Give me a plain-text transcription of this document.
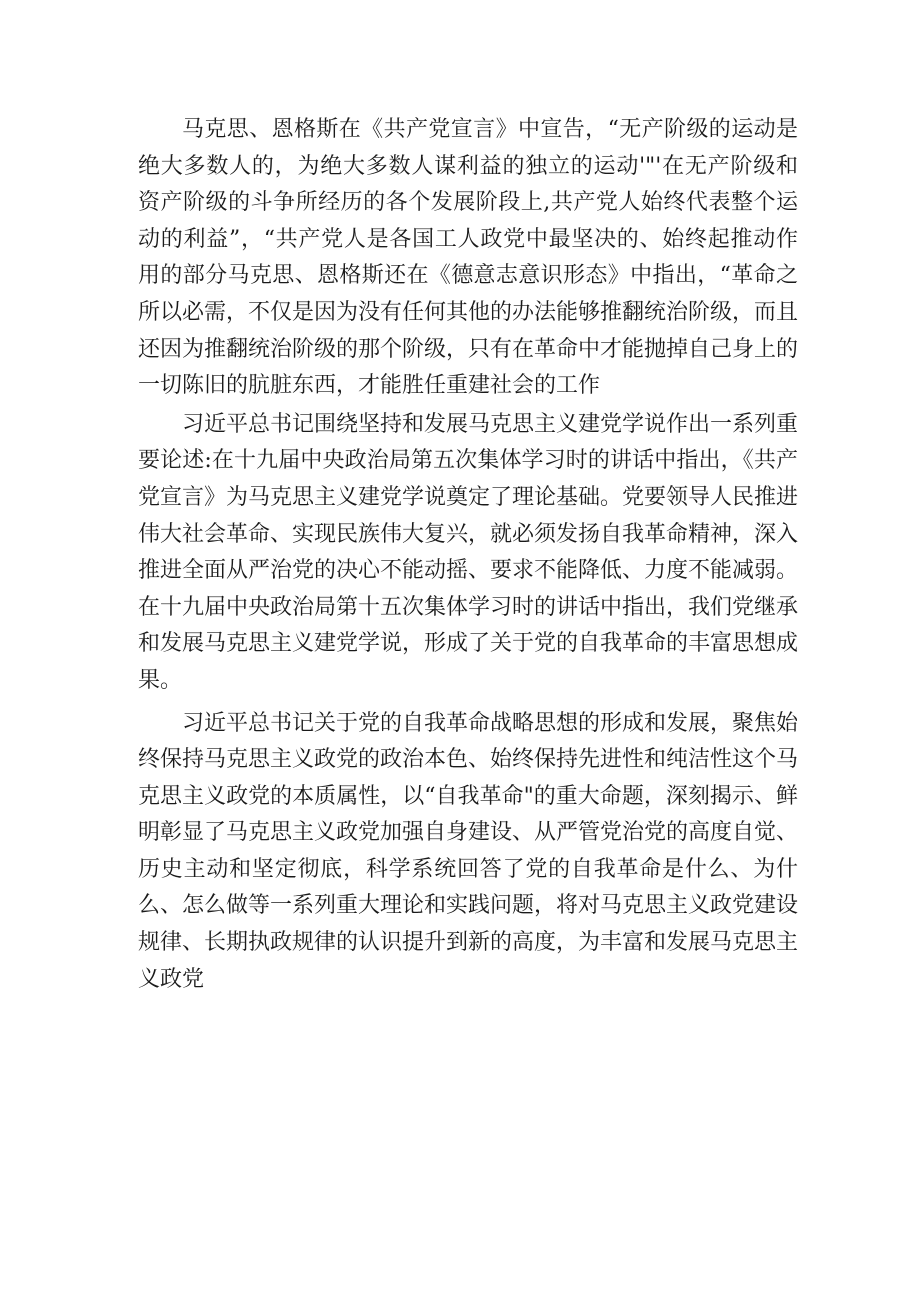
马克思、恩格斯在《共产党宣言》中宣告，“无产阶级的运动是绝大多数人的，为绝大多数人谋利益的独立的运动'"'在无产阶级和资产阶级的斗争所经历的各个发展阶段上,共产党人始终代表整个运动的利益”，“共产党人是各国工人政党中最坚决的、始终起推动作用的部分马克思、恩格斯还在《德意志意识形态》中指出，“革命之所以必需，不仅是因为没有任何其他的办法能够推翻统治阶级，而且还因为推翻统治阶级的那个阶级，只有在革命中才能抛掉自己身上的一切陈旧的肮脏东西，才能胜任重建社会的工作

习近平总书记围绕坚持和发展马克思主义建党学说作出一系列重要论述:在十九届中央政治局第五次集体学习时的讲话中指出，《共产党宣言》为马克思主义建党学说奠定了理论基础。党要领导人民推进伟大社会革命、实现民族伟大复兴，就必须发扬自我革命精神，深入推进全面从严治党的决心不能动摇、要求不能降低、力度不能减弱。在十九届中央政治局第十五次集体学习时的讲话中指出，我们党继承和发展马克思主义建党学说，形成了关于党的自我革命的丰富思想成果。

习近平总书记关于党的自我革命战略思想的形成和发展，聚焦始终保持马克思主义政党的政治本色、始终保持先进性和纯洁性这个马克思主义政党的本质属性，以“自我革命"的重大命题，深刻揭示、鲜明彰显了马克思主义政党加强自身建设、从严管党治党的高度自觉、历史主动和坚定彻底，科学系统回答了党的自我革命是什么、为什么、怎么做等一系列重大理论和实践问题，将对马克思主义政党建设规律、长期执政规律的认识提升到新的高度，为丰富和发展马克思主义政党
